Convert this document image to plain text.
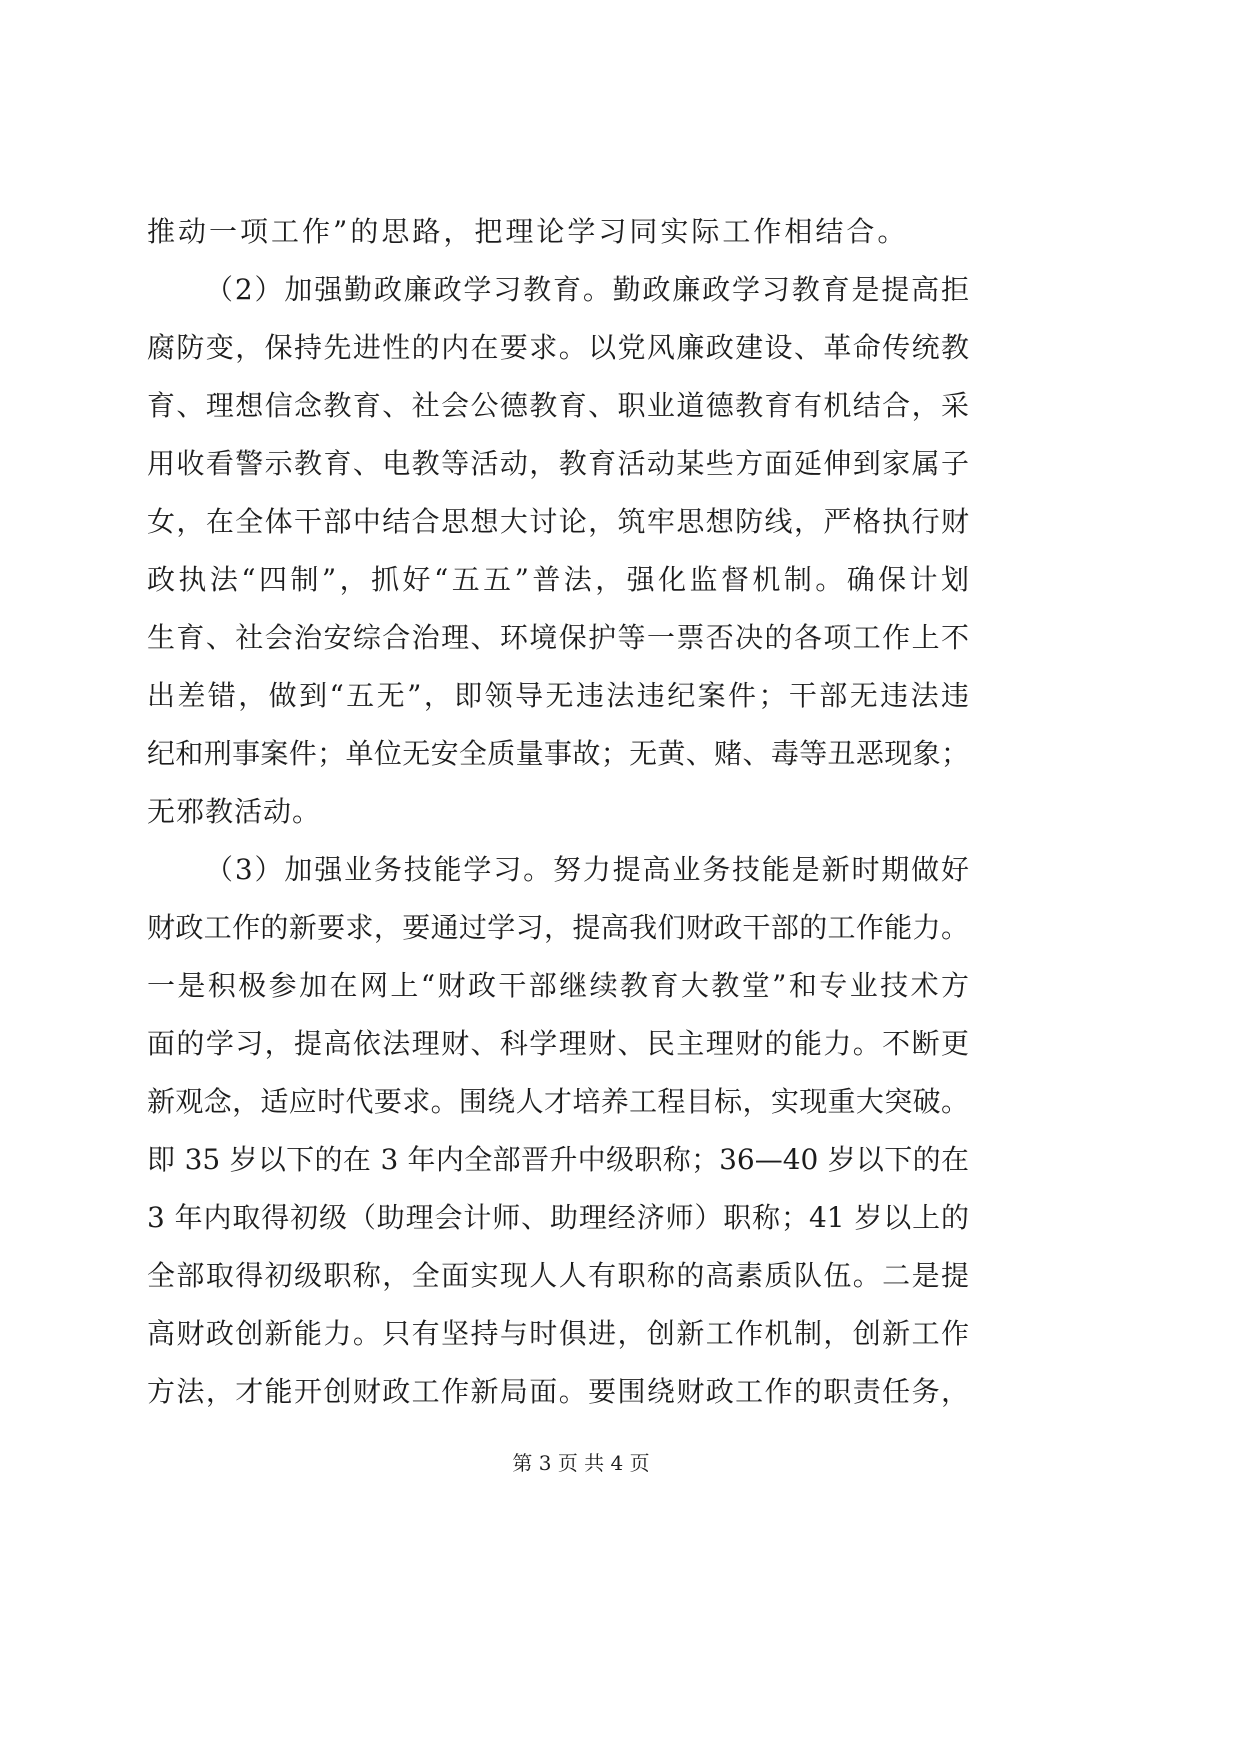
推动一项工作”的思路，把理论学习同实际工作相结合。
（2）加强勤政廉政学习教育。勤政廉政学习教育是提高拒
腐防变，保持先进性的内在要求。以党风廉政建设、革命传统教
育、理想信念教育、社会公德教育、职业道德教育有机结合，采
用收看警示教育、电教等活动，教育活动某些方面延伸到家属子
女，在全体干部中结合思想大讨论，筑牢思想防线，严格执行财
政执法“四制”，抓好“五五”普法，强化监督机制。确保计划
生育、社会治安综合治理、环境保护等一票否决的各项工作上不
出差错，做到“五无”，即领导无违法违纪案件；干部无违法违
纪和刑事案件；单位无安全质量事故；无黄、赌、毒等丑恶现象；
无邪教活动。
（3）加强业务技能学习。努力提高业务技能是新时期做好
财政工作的新要求，要通过学习，提高我们财政干部的工作能力。
一是积极参加在网上“财政干部继续教育大教堂”和专业技术方
面的学习，提高依法理财、科学理财、民主理财的能力。不断更
新观念，适应时代要求。围绕人才培养工程目标，实现重大突破。
即 35 岁以下的在 3 年内全部晋升中级职称；36—40 岁以下的在
3 年内取得初级（助理会计师、助理经济师）职称；41 岁以上的
全部取得初级职称，全面实现人人有职称的高素质队伍。二是提
高财政创新能力。只有坚持与时俱进，创新工作机制，创新工作
方法，才能开创财政工作新局面。要围绕财政工作的职责任务，
第 3 页 共 4 页
